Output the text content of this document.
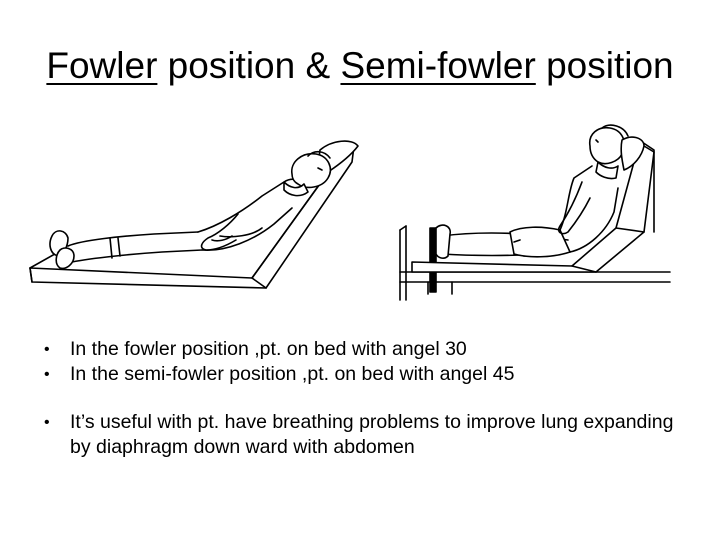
Fowler position & Semi-fowler position
•	In the fowler position ,pt. on bed with angel 30
•	In the semi-fowler position ,pt. on bed with angel 45
•	It’s useful with pt. have breathing problems to improve lung expanding by diaphragm down ward with abdomen
